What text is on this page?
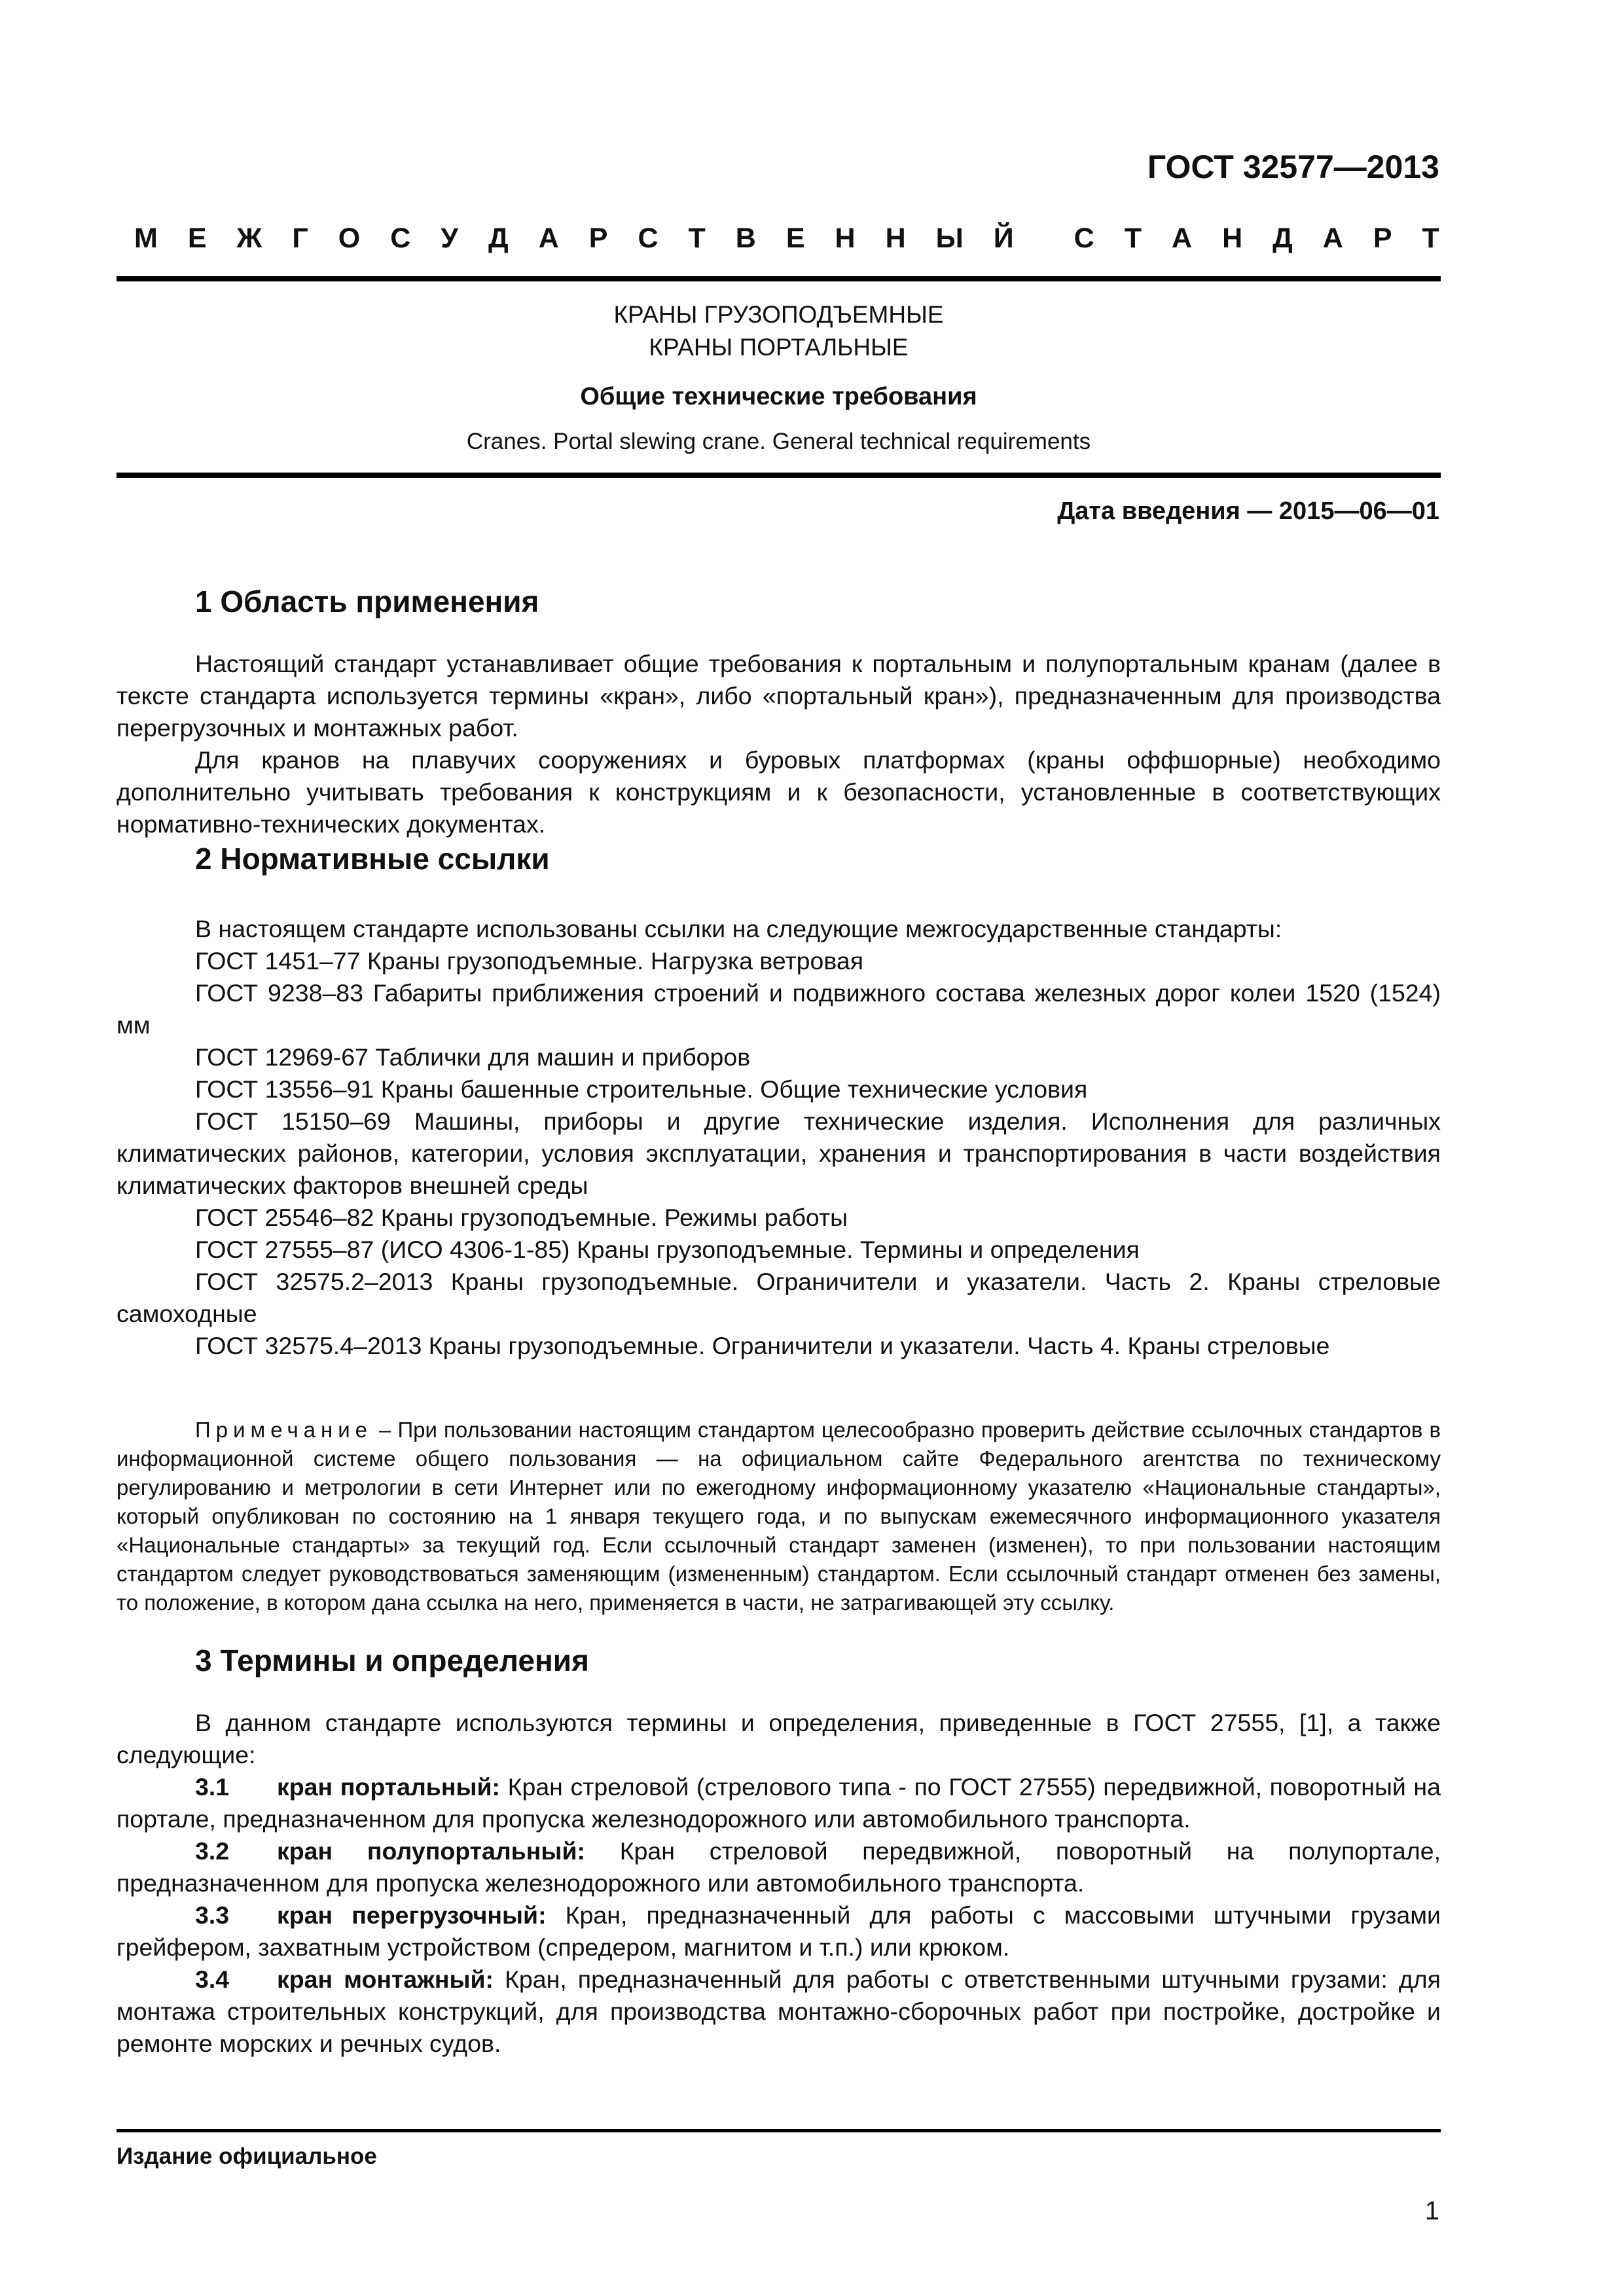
ГОСТ 32577—2013
М Е Ж Г О С У Д А Р С Т В Е Н Н Ы Й С Т А Н Д А Р Т
КРАНЫ ГРУЗОПОДЪЕМНЫЕ
КРАНЫ ПОРТАЛЬНЫЕ
Общие технические требования
Cranes. Portal slewing crane. General technical requirements
Дата введения — 2015—06—01
1 Область применения

Настоящий стандарт устанавливает общие требования к портальным и полупортальным кранам (далее в тексте стандарта используется термины «кран», либо «портальный кран»), предназначенным для производства перегрузочных и монтажных работ.

Для кранов на плавучих сооружениях и буровых платформах (краны оффшорные) необходимо дополнительно учитывать требования к конструкциям и к безопасности, установленные в соответствующих нормативно-технических документах.

2 Нормативные ссылки

В настоящем стандарте использованы ссылки на следующие межгосударственные стандарты:

ГОСТ 1451–77 Краны грузоподъемные. Нагрузка ветровая

ГОСТ 9238–83 Габариты приближения строений и подвижного состава железных дорог колеи 1520 (1524) мм

ГОСТ 12969-67 Таблички для машин и приборов

ГОСТ 13556–91 Краны башенные строительные. Общие технические условия

ГОСТ 15150–69 Машины, приборы и другие технические изделия. Исполнения для различных климатических районов, категории, условия эксплуатации, хранения и транспортирования в части воздействия климатических факторов внешней среды

ГОСТ 25546–82 Краны грузоподъемные. Режимы работы

ГОСТ 27555–87 (ИСО 4306-1-85) Краны грузоподъемные. Термины и определения

ГОСТ 32575.2–2013 Краны грузоподъемные. Ограничители и указатели. Часть 2. Краны стреловые самоходные

ГОСТ 32575.4–2013 Краны грузоподъемные. Ограничители и указатели. Часть 4. Краны стреловые

Примечание – При пользовании настоящим стандартом целесообразно проверить действие ссылочных стандартов в информационной системе общего пользования — на официальном сайте Федерального агентства по техническому регулированию и метрологии в сети Интернет или по ежегодному информационному указателю «Национальные стандарты», который опубликован по состоянию на 1 января текущего года, и по выпускам ежемесячного информационного указателя «Национальные стандарты» за текущий год. Если ссылочный стандарт заменен (изменен), то при пользовании настоящим стандартом следует руководствоваться заменяющим (измененным) стандартом. Если ссылочный стандарт отменен без замены, то положение, в котором дана ссылка на него, применяется в части, не затрагивающей эту ссылку.
3 Термины и определения

В данном стандарте используются термины и определения, приведенные в ГОСТ 27555, [1], а также следующие:

3.1 кран портальный: Кран стреловой (стрелового типа - по ГОСТ 27555) передвижной, поворотный на портале, предназначенном для пропуска железнодорожного или автомобильного транспорта.

3.2 кран полупортальный: Кран стреловой передвижной, поворотный на полупортале, предназначенном для пропуска железнодорожного или автомобильного транспорта.

3.3 кран перегрузочный: Кран, предназначенный для работы с массовыми штучными грузами грейфером, захватным устройством (спредером, магнитом и т.п.) или крюком.

3.4 кран монтажный: Кран, предназначенный для работы с ответственными штучными грузами: для монтажа строительных конструкций, для производства монтажно-сборочных работ при постройке, достройке и ремонте морских и речных судов.

Издание официальное
1
